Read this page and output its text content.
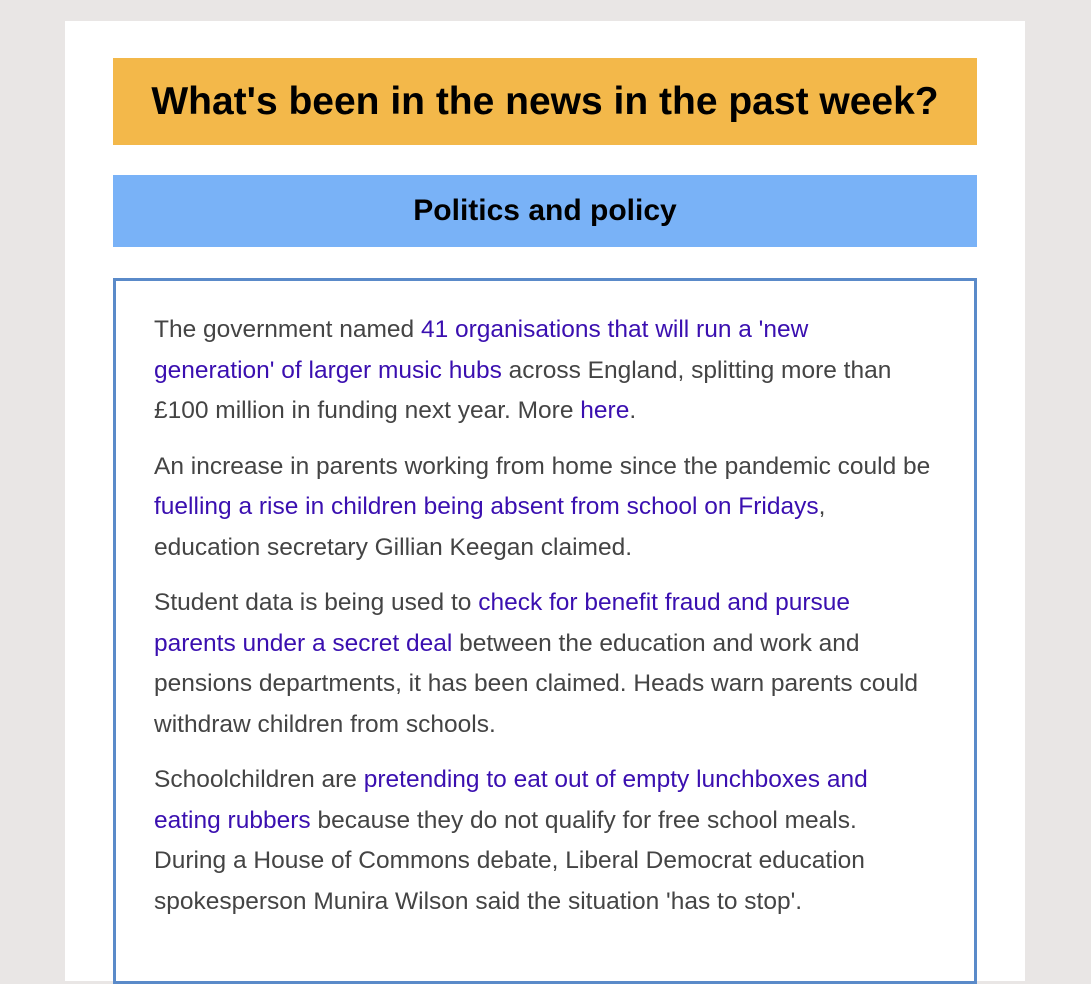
What's been in the news in the past week?
Politics and policy

The government named 41 organisations that will run a 'new generation' of larger music hubs across England, splitting more than £100 million in funding next year. More here.

An increase in parents working from home since the pandemic could be fuelling a rise in children being absent from school on Fridays, education secretary Gillian Keegan claimed.

Student data is being used to check for benefit fraud and pursue parents under a secret deal between the education and work and pensions departments, it has been claimed. Heads warn parents could withdraw children from schools.

Schoolchildren are pretending to eat out of empty lunchboxes and eating rubbers because they do not qualify for free school meals. During a House of Commons debate, Liberal Democrat education spokesperson Munira Wilson said the situation 'has to stop'.
